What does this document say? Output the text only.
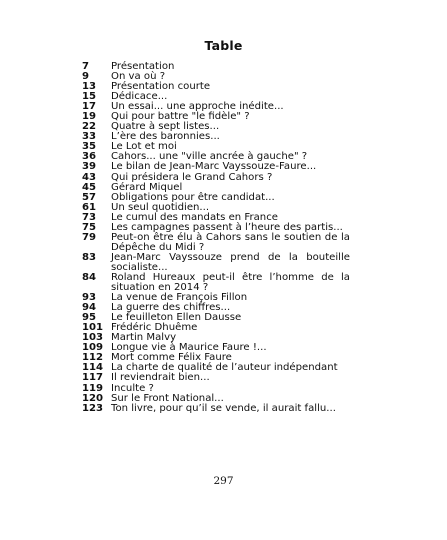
Table
7	Présentation
9	On va où ?
13	Présentation courte
15	Dédicace...
17	Un essai... une approche inédite...
19	Qui pour battre "le fidèle" ?
22	Quatre à sept listes...
33	L’ère des baronnies...
35	Le Lot et moi
36	Cahors... une "ville ancrée à gauche" ?
39	Le bilan de Jean-Marc Vayssouze-Faure...
43	Qui présidera le Grand Cahors ?
45	Gérard Miquel
57	Obligations pour être candidat...
61	Un seul quotidien...
73	Le cumul des mandats en France
75	Les campagnes passent à l’heure des partis...
79	Peut-on être élu à Cahors sans le soutien de la Dépêche du Midi ?
83	Jean-Marc Vayssouze prend de la bouteille socialiste...
84	Roland Hureaux peut-il être l’homme de la situation en 2014 ?
93	La venue de François Fillon
94	La guerre des chiffres...
95	Le feuilleton Ellen Dausse
101 Frédéric Dhuême
103 Martin Malvy
109 Longue vie à Maurice Faure !...
112 Mort comme Félix Faure
114 La charte de qualité de l’auteur indépendant
117 Il reviendrait bien...
119 Inculte ?
120 Sur le Front National...
123 Ton livre, pour qu’il se vende, il aurait fallu...
297
